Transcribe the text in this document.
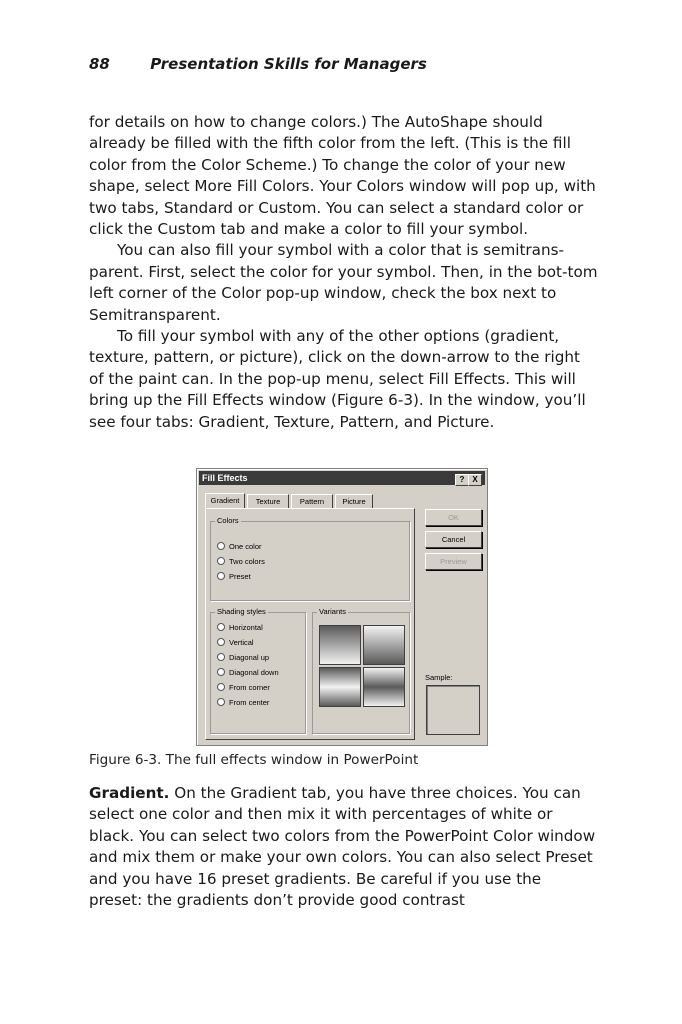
88	Presentation Skills for Managers

for details on how to change colors.) The AutoShape should already be filled with the fifth color from the left. (This is the fill color from the Color Scheme.) To change the color of your new shape, select More Fill Colors. Your Colors window will pop up, with two tabs, Standard or Custom. You can select a standard color or click the Custom tab and make a color to fill your symbol.

You can also fill your symbol with a color that is semitrans-parent. First, select the color for your symbol. Then, in the bot-tom left corner of the Color pop-up window, check the box next to Semitransparent.

To fill your symbol with any of the other options (gradient, texture, pattern, or picture), click on the down-arrow to the right of the paint can. In the pop-up menu, select Fill Effects. This will bring up the Fill Effects window (Figure 6-3). In the window, you’ll see four tabs: Gradient, Texture, Pattern, and Picture.

Fill Effects	? X
Gradient	Texture	Pattern	Picture
Colors
One color
Two colors
Preset
Shading styles
Horizontal
Vertical
Diagonal up
Diagonal down
From corner
From center
Variants
OK
Cancel
Preview
Sample:
Figure 6-3. The full effects window in PowerPoint

Gradient. On the Gradient tab, you have three choices. You can select one color and then mix it with percentages of white or black. You can select two colors from the PowerPoint Color window and mix them or make your own colors. You can also select Preset and you have 16 preset gradients. Be careful if you use the preset: the gradients don’t provide good contrast
